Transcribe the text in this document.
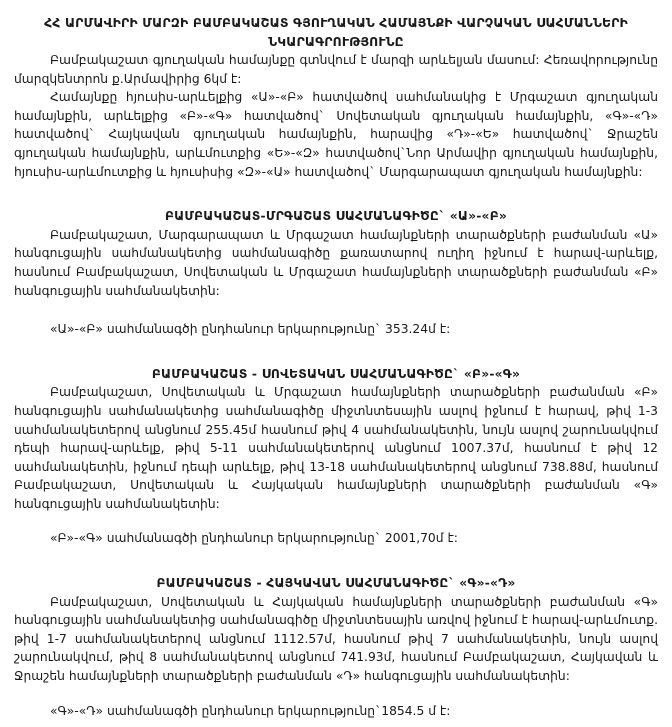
ՀՀ ԱՐՄԱՎԻՐԻ ՄԱՐԶԻ ԲԱՄԲԱԿԱՇԱՏ ԳՅՈՒՂԱԿԱՆ ՀԱՄԱՅՆՔԻ ՎԱՐՉԱԿԱՆ ՍԱՀՄԱՆՆԵՐԻ
ՆԿԱՐԱԳՐՈՒԹՅՈՒՆԸ

Բամբակաշատ գյուղական համայնքը գտնվում է մարզի արևելյան մասում: Հեռավորությունը մարզկենտրոն ք.Արմավիրից 6կմ է:

Համայնքը հյուսիս-արևելքից «Ա»-«Բ» հատվածով սահմանակից է Մրգաշատ գյուղական համայնքին, արևելքից «Բ»-«Գ» հատվածով` Սովետական գյուղական համայնքին, «Գ»-«Դ» հատվածով` Հայկավան գյուղական համայնքին, հարավից «Դ»-«Ե» հատվածով` Ջրաշեն գյուղական համայնքին, արևմուտքից «Ե»-«Զ» հատվածով`Նոր Արմավիր գյուղական համայնքին, հյուսիս-արևմուտքից և հյուսիսից «Զ»-«Ա» հատվածով` Մարգարապատ գյուղական համայնքին:

ԲԱՄԲԱԿԱՇԱՏ-ՄՐԳԱՇԱՏ ՍԱՀՄԱՆԱԳԻԾԸ` «Ա»-«Բ»

Բամբակաշատ, Մարգարապատ և Մրգաշատ համայնքների տարածքների բաժանման «Ա» հանգուցային սահմանակետից սահմանագիծը քառատարով ուղիղ իջնում է հարավ-արևելք, հասնում Բամբակաշատ, Սովետական և Մրգաշատ համայնքների տարածքների բաժանման «Բ» հանգուցային սահմանակետին:

«Ա»-«Բ» սահմանագծի ընդհանուր երկարությունը` 353.24մ է:

ԲԱՄԲԱԿԱՇԱՏ - ՍՈՎԵՏԱԿԱՆ ՍԱՀՄԱՆԱԳԻԾԸ` «Բ»-«Գ»

Բամբակաշատ, Սովետական և Մրգաշատ համայնքների տարածքների բաժանման «Բ» հանգուցային սահմանակետից սահմանագիծը միջտնտեսային ասլով իջնում է հարավ, թիվ 1-3 սահմանակետերով անցնում 255.45մ հասնում թիվ 4 սահմանակետին, նույն ասլով շարունակվում դեպի հարավ-արևելք, թիվ 5-11 սահմանակետերով անցնում 1007.37մ, հասնում է թիվ 12 սահմանակետին, իջնում դեպի արևելք, թիվ 13-18 սահմանակետերով անցնում 738.88մ, հասնում Բամբակաշատ, Սովետական և Հայկական համայնքների տարածքների բաժանման «Գ» հանգուցային սահմանակետին:

«Բ»-«Գ» սահմանագծի ընդհանուր երկարությունը` 2001,70մ է:

ԲԱՄԲԱԿԱՇԱՏ - ՀԱՅԿԱՎԱՆ ՍԱՀՄԱՆԱԳԻԾԸ` «Գ»-«Դ»

Բամբակաշատ, Սովետական և Հայկական համայնքների տարածքների բաժանման «Գ» հանգուցային սահմանակետից սահմանագիծը միջտնտեսային առվով իջնում է հարավ-արևմուտք. թիվ 1-7 սահմանակետերով անցնում 1112.57մ, հասնում թիվ 7 սահմանակետին, նույն ասլով շարունակվում, թիվ 8 սահմանակետով անցնում 741.93մ, հասնում Բամբակաշատ, Հայկավան և Ջրաշեն համայնքների տարածքների բաժանման «Դ» հանգուցային սահմանակետին:

«Գ»-«Դ» սահմանագծի ընդհանուր երկարությունը`1854.5 մ է:
